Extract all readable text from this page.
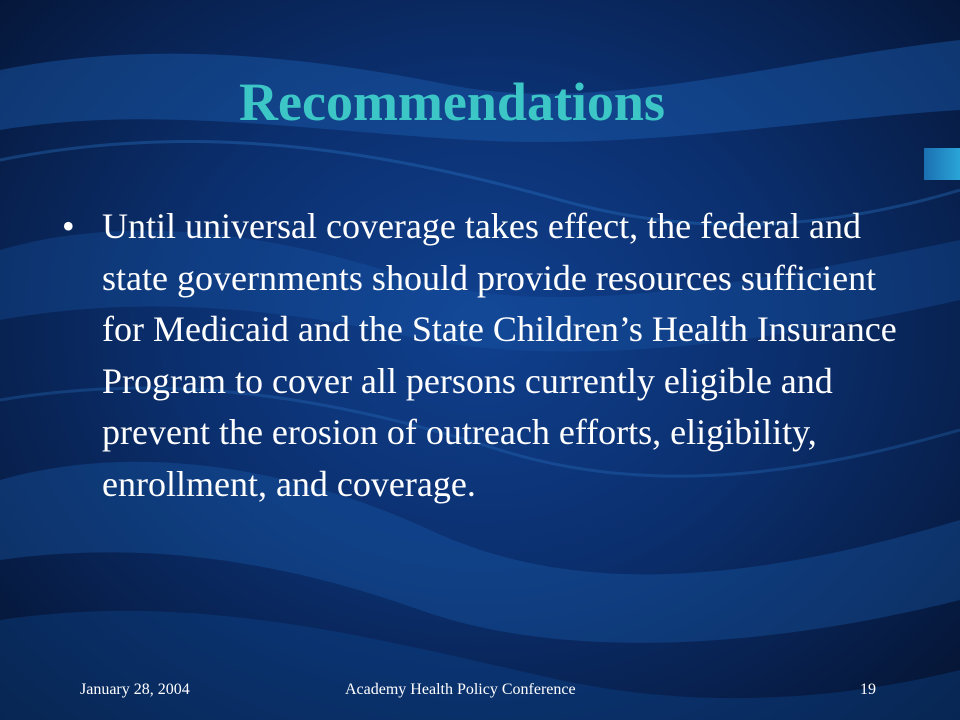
Recommendations
• Until universal coverage takes effect, the federal and state governments should provide resources sufficient for Medicaid and the State Children’s Health Insurance Program to cover all persons currently eligible and prevent the erosion of outreach efforts, eligibility, enrollment, and coverage.
January 28, 2004	Academy Health Policy Conference	19
